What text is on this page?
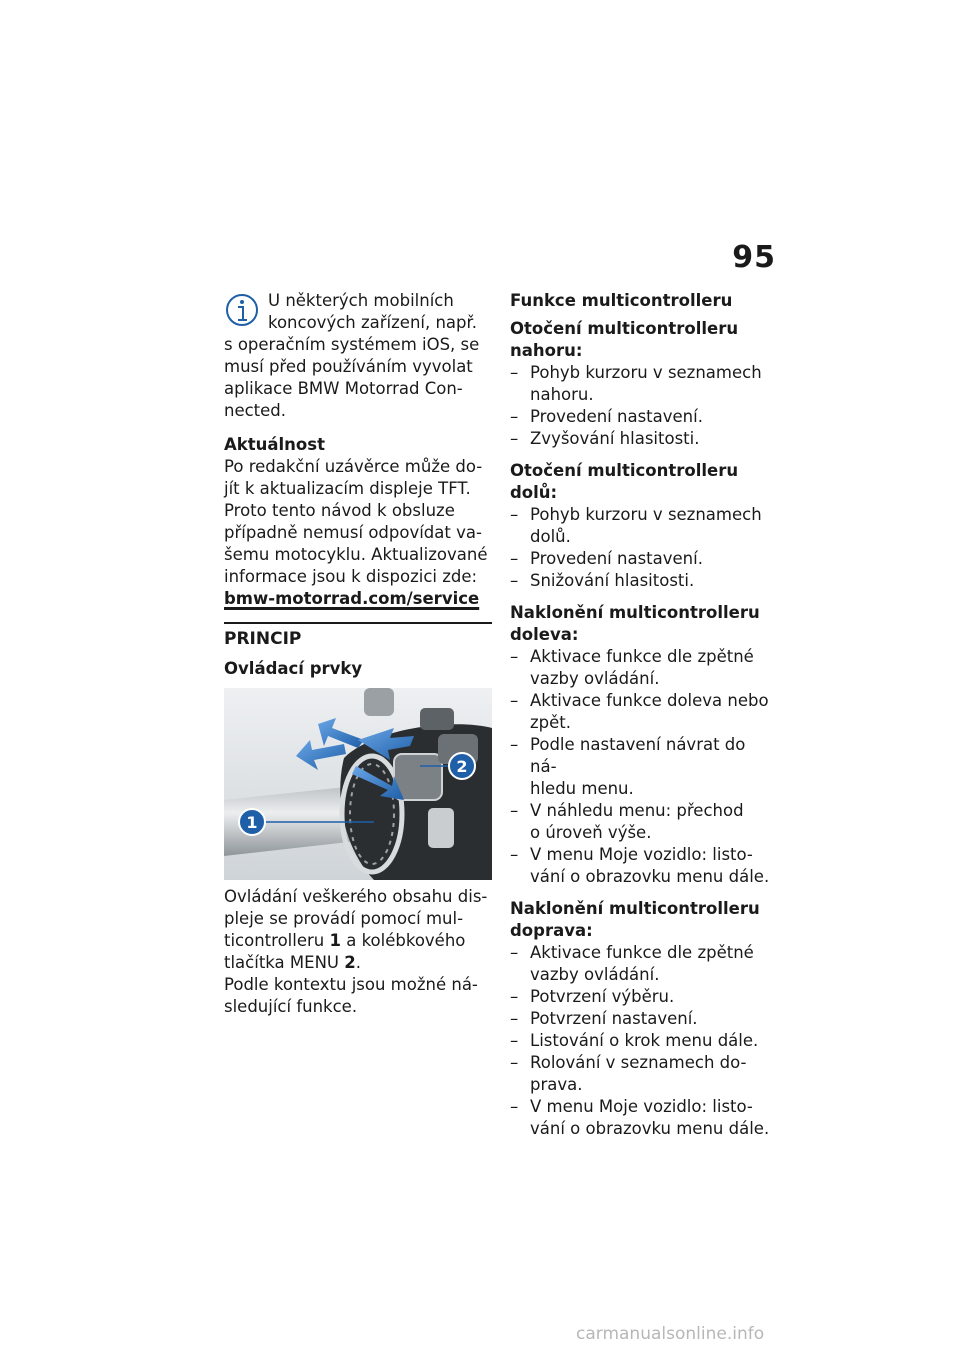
95

U některých mobilních

koncových zařízení, např.

s operačním systémem iOS, se

musí před používáním vyvolat

aplikace BMW Motorrad Con-

nected.

Aktuálnost

Po redakční uzávěrce může do-

jít k aktualizacím displeje TFT.

Proto tento návod k obsluze

případně nemusí odpovídat va-

šemu motocyklu. Aktualizované

informace jsou k dispozici zde:

bmw-motorrad.com/service

PRINCIP

Ovládací prvky

1
2

Ovládání veškerého obsahu dis-

pleje se provádí pomocí mul-

ticontrolleru 1 a kolébkového

tlačítka MENU 2.

Podle kontextu jsou možné ná-

sledující funkce.

Funkce multicontrolleru

Otočení multicontrolleru

nahoru:

– Pohyb kurzoru v seznamech
nahoru.
– Provedení nastavení.
– Zvyšování hlasitosti.

Otočení multicontrolleru dolů:

– Pohyb kurzoru v seznamech
dolů.
– Provedení nastavení.
– Snižování hlasitosti.

Naklonění multicontrolleru

doleva:

– Aktivace funkce dle zpětné
vazby ovládání.
– Aktivace funkce doleva nebo
zpět.
– Podle nastavení návrat do ná-
hledu menu.
– V náhledu menu: přechod
o úroveň výše.
– V menu Moje vozidlo: listo-
vání o obrazovku menu dále.

Naklonění multicontrolleru

doprava:

– Aktivace funkce dle zpětné
vazby ovládání.
– Potvrzení výběru.
– Potvrzení nastavení.
– Listování o krok menu dále.
– Rolování v seznamech do-
prava.
– V menu Moje vozidlo: listo-
vání o obrazovku menu dále.
carmanualsonline.info
